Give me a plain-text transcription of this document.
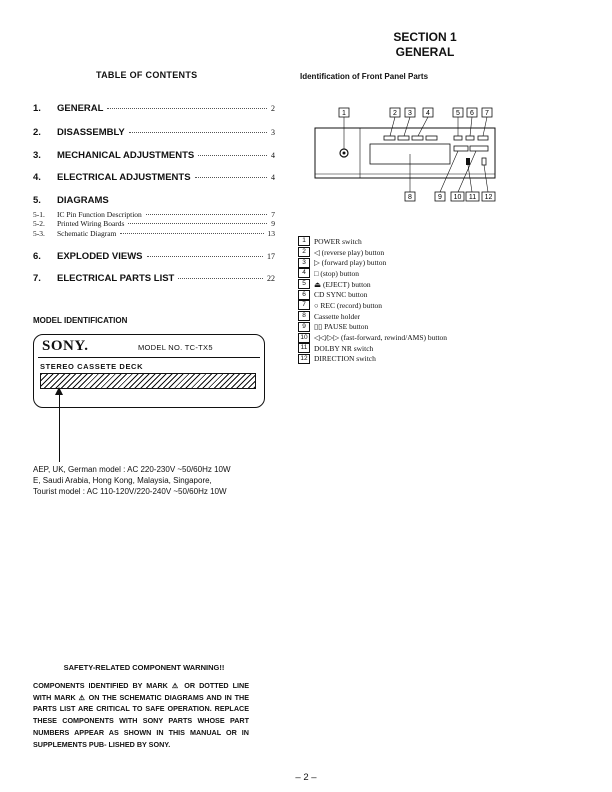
SECTION 1
GENERAL
TABLE OF CONTENTS
1.	GENERAL	2
2.	DISASSEMBLY	3
3.	MECHANICAL ADJUSTMENTS	4
4.	ELECTRICAL ADJUSTMENTS	4
5.	DIAGRAMS
5-1.	IC Pin Function Description	7
5-2.	Printed Wiring Boards	9
5-3.	Schematic Diagram	13
6.	EXPLODED VIEWS	17
7.	ELECTRICAL PARTS LIST	22
MODEL IDENTIFICATION
SONY.	MODEL NO. TC-TX5
STEREO CASSETE DECK
AEP, UK, German model : AC 220-230V ~50/60Hz 10W
E, Saudi Arabia, Hong Kong, Malaysia, Singapore,
Tourist model : AC 110-120V/220-240V ~50/60Hz 10W
Identification of Front Panel Parts
1	2 3 4	5 6 7
8	9 10 11 12
1	POWER switch
2	◁ (reverse play) button
3	▷ (forward play) button
4	□ (stop) button
5	⏏ (EJECT) button
6	CD SYNC button
7	○ REC (record) button
8	Cassette holder
9	▯▯ PAUSE button
10 ◁◁/▷▷ (fast-forward, rewind/AMS) button
11 DOLBY NR switch
12 DIRECTION switch
SAFETY-RELATED COMPONENT WARNING!!
COMPONENTS IDENTIFIED BY MARK ⚠ OR DOTTED LINE WITH MARK ⚠ ON THE SCHEMATIC DIAGRAMS AND IN THE PARTS LIST ARE CRITICAL TO SAFE OPERATION. REPLACE THESE COMPONENTS WITH SONY PARTS WHOSE PART NUMBERS APPEAR AS SHOWN IN THIS MANUAL OR IN SUPPLEMENTS PUB- LISHED BY SONY.
– 2 –
